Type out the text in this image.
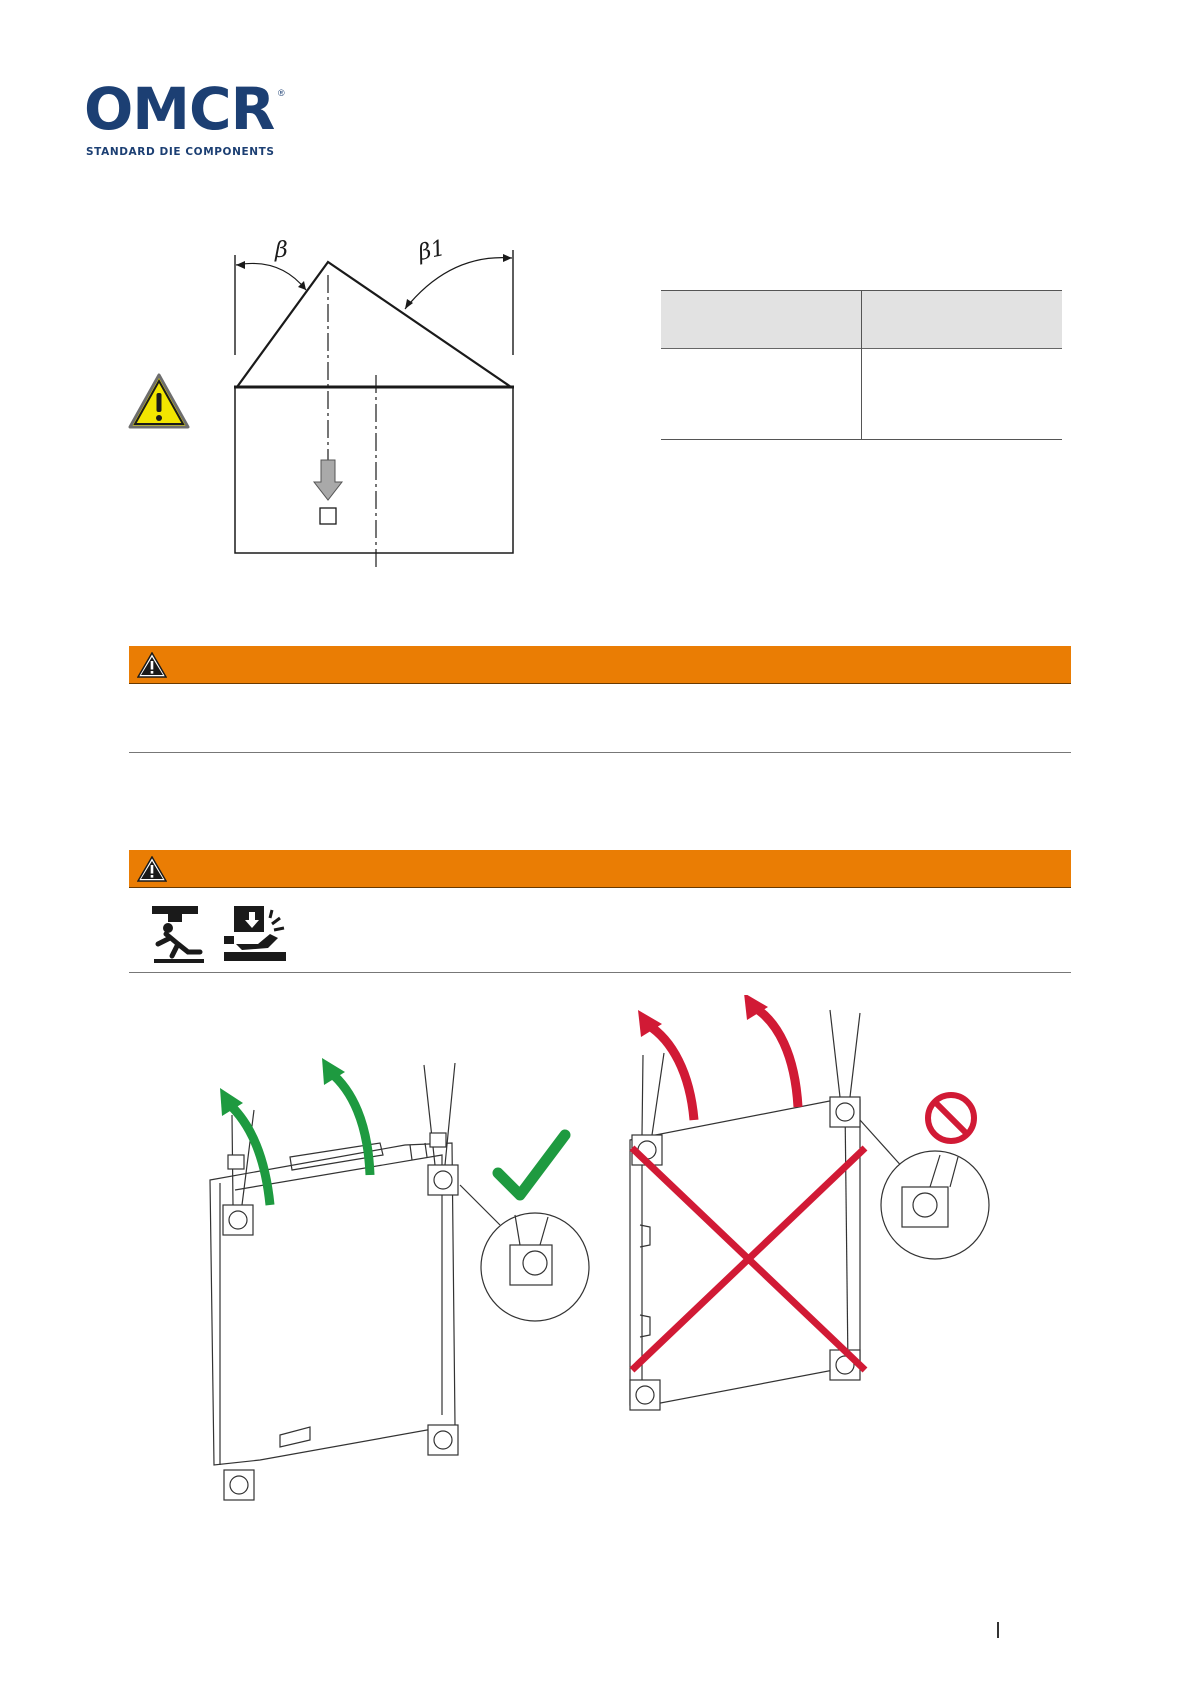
OMCR ®
STANDARD DIE COMPONENTS
β	β1
